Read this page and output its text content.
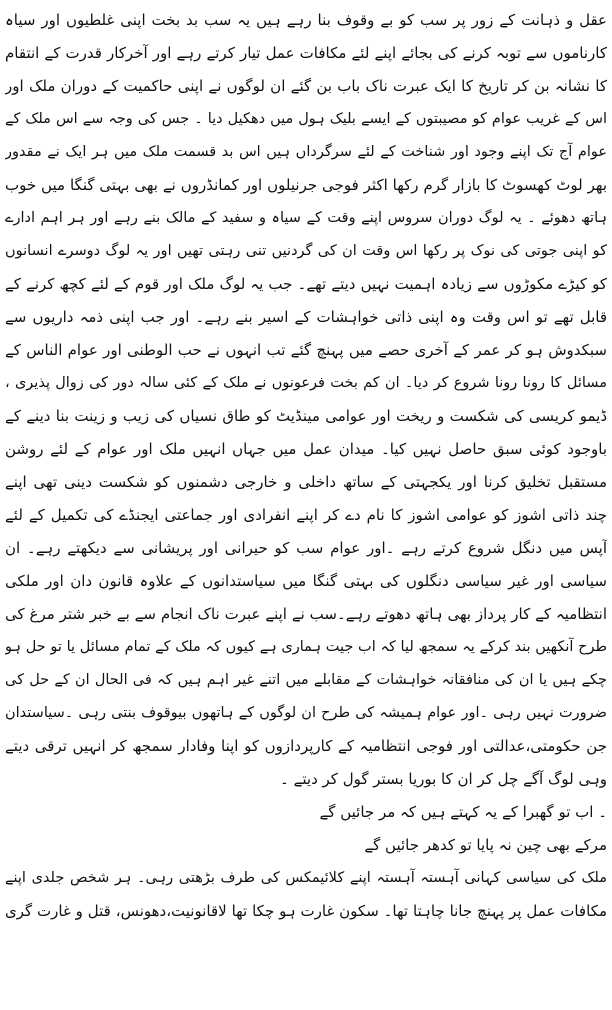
عقل و ذہانت کے زور پر سب کو بے وقوف بنا رہے ہیں یہ سب بد بخت اپنی غلطیوں اور سیاہ
کارناموں سے توبہ کرنے کی بجائے اپنے لئے مکافات عمل تیار کرتے رہے اور آخرکار قدرت کے انتقام
کا نشانہ بن کر تاریخ کا ایک عبرت ناک باب بن گئے ان لوگوں نے اپنی حاکمیت کے دوران ملک اور
اس کے غریب عوام کو مصیبتوں کے ایسے بلیک ہول میں دھکیل دیا ۔ جس کی وجہ سے اس ملک کے
عوام آج تک اپنے وجود اور شناخت کے لئے سرگرداں ہیں اس بد قسمت ملک میں ہر ایک نے مقدور
بھر لوٹ کھسوٹ کا بازار گرم رکھا اکثر فوجی جرنیلوں اور کمانڈروں نے بھی بہتی گنگا میں خوب
ہاتھ دھوئے ۔ یہ لوگ دوران سروس اپنے وقت کے سیاہ و سفید کے مالک بنے رہے اور ہر اہم ادارے
کو اپنی جوتی کی نوک پر رکھا اس وقت ان کی گردنیں تنی رہتی تھیں اور یہ لوگ دوسرے انسانوں
کو کیڑے مکوڑوں سے زیادہ اہمیت نہیں دیتے تھے۔ جب یہ لوگ ملک اور قوم کے لئے کچھ کرنے کے
قابل تھے تو اس وقت وہ اپنی ذاتی خواہشات کے اسیر بنے رہے۔ اور جب اپنی ذمہ داریوں سے
سبکدوش ہو کر عمر کے آخری حصے میں پہنچ گئے تب انہوں نے حب الوطنی اور عوام الناس کے
مسائل کا رونا رونا شروع کر دیا۔ ان کم بخت فرعونوں نے ملک کے کئی سالہ دور کی زوال پذیری ،
ڈیمو کریسی کی شکست و ریخت اور عوامی مینڈیٹ کو طاق نسیاں کی زیب و زینت بنا دینے کے
باوجود کوئی سبق حاصل نہیں کیا۔ میدان عمل میں جہاں انہیں ملک اور عوام کے لئے روشن
مستقبل تخلیق کرنا اور یکجہتی کے ساتھ داخلی و خارجی دشمنوں کو شکست دینی تھی اپنے
چند ذاتی اشوز کو عوامی اشوز کا نام دے کر اپنے انفرادی اور جماعتی ایجنڈے کی تکمیل کے لئے
آپس میں دنگل شروع کرتے رہے ۔اور عوام سب کو حیرانی اور پریشانی سے دیکھتے رہے۔ ان
سیاسی اور غیر سیاسی دنگلوں کی بہتی گنگا میں سیاستدانوں کے علاوہ قانون دان اور ملکی
انتظامیہ کے کار پرداز بھی ہاتھ دھوتے رہے۔سب نے اپنے عبرت ناک انجام سے بے خبر شتر مرغ کی
طرح آنکھیں بند کرکے یہ سمجھ لیا کہ اب جیت ہماری ہے کیوں کہ ملک کے تمام مسائل یا تو حل ہو
چکے ہیں یا ان کی منافقانہ خواہشات کے مقابلے میں اتنے غیر اہم ہیں کہ فی الحال ان کے حل کی
ضرورت نہیں رہی ۔اور عوام ہمیشہ کی طرح ان لوگوں کے ہاتھوں بیوقوف بنتی رہی ۔سیاستدان
جن حکومتی،عدالتی اور فوجی انتظامیہ کے کارپردازوں کو اپنا وفادار سمجھ کر انہیں ترقی دیتے
وہی لوگ آگے چل کر ان کا بوریا بستر گول کر دیتے ۔
۔ اب تو گھبرا کے یہ کہتے ہیں کہ مر جائیں گے
مرکے بھی چین نہ پایا تو کدھر جائیں گے
ملک کی سیاسی کہانی آہستہ آہستہ اپنے کلائیمکس کی طرف بڑھتی رہی۔ ہر شخص جلدی اپنے
مکافات عمل پر پہنچ جانا چاہتا تھا۔ سکون غارت ہو چکا تھا لاقانونیت،دھونس، قتل و غارت گری
